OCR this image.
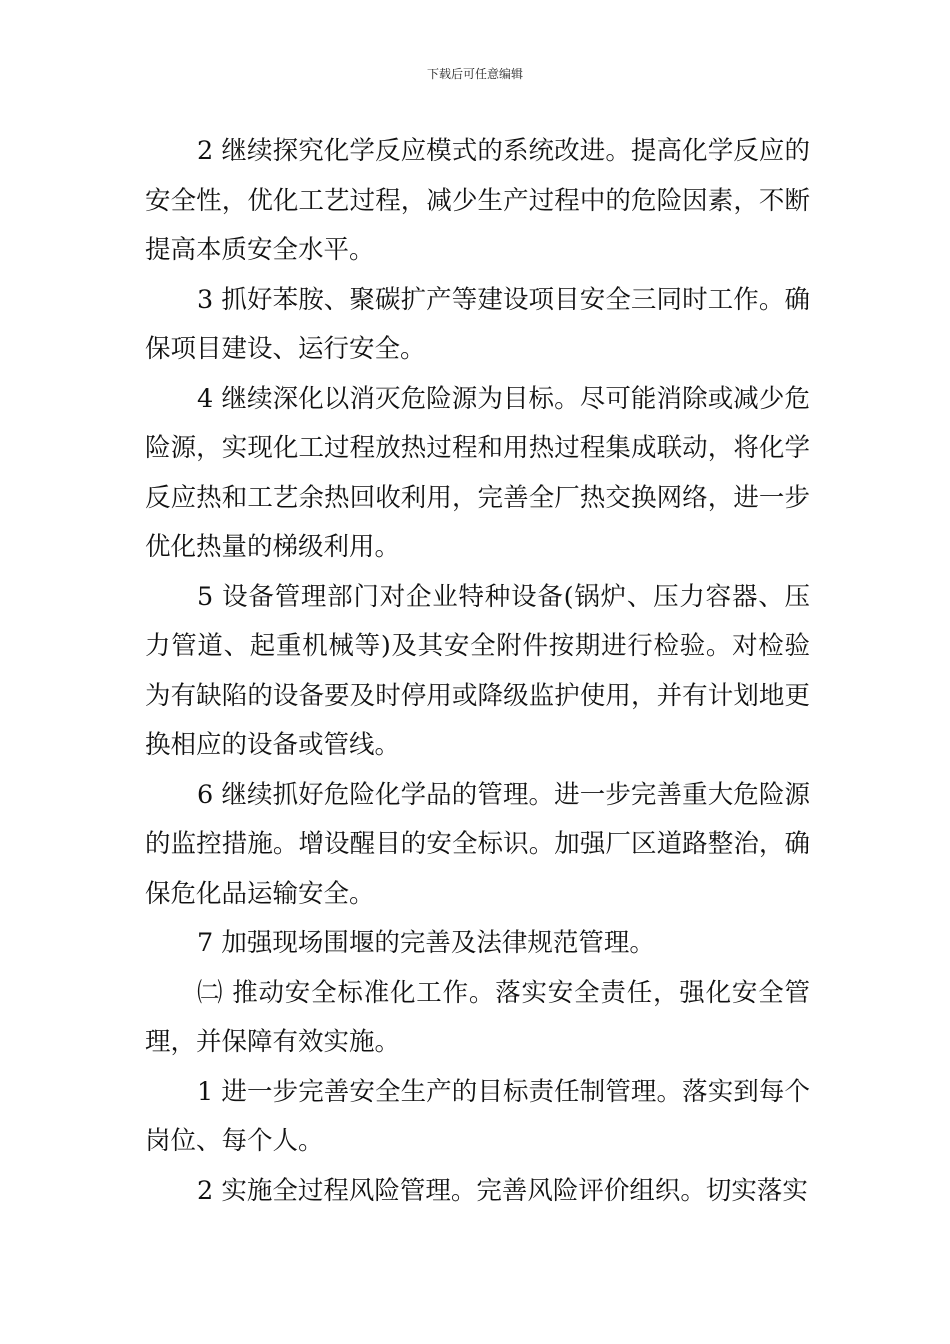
下载后可任意编辑

2 继续探究化学反应模式的系统改进。提高化学反应的安全性，优化工艺过程，减少生产过程中的危险因素，不断提高本质安全水平。

3 抓好苯胺、聚碳扩产等建设项目安全三同时工作。确保项目建设、运行安全。

4 继续深化以消灭危险源为目标。尽可能消除或减少危险源，实现化工过程放热过程和用热过程集成联动，将化学反应热和工艺余热回收利用，完善全厂热交换网络，进一步优化热量的梯级利用。

5 设备管理部门对企业特种设备(锅炉、压力容器、压力管道、起重机械等)及其安全附件按期进行检验。对检验为有缺陷的设备要及时停用或降级监护使用，并有计划地更换相应的设备或管线。

6 继续抓好危险化学品的管理。进一步完善重大危险源的监控措施。增设醒目的安全标识。加强厂区道路整治，确保危化品运输安全。

7 加强现场围堰的完善及法律规范管理。

㈡ 推动安全标准化工作。落实安全责任，强化安全管理，并保障有效实施。

1 进一步完善安全生产的目标责任制管理。落实到每个岗位、每个人。

2 实施全过程风险管理。完善风险评价组织。切实落实
